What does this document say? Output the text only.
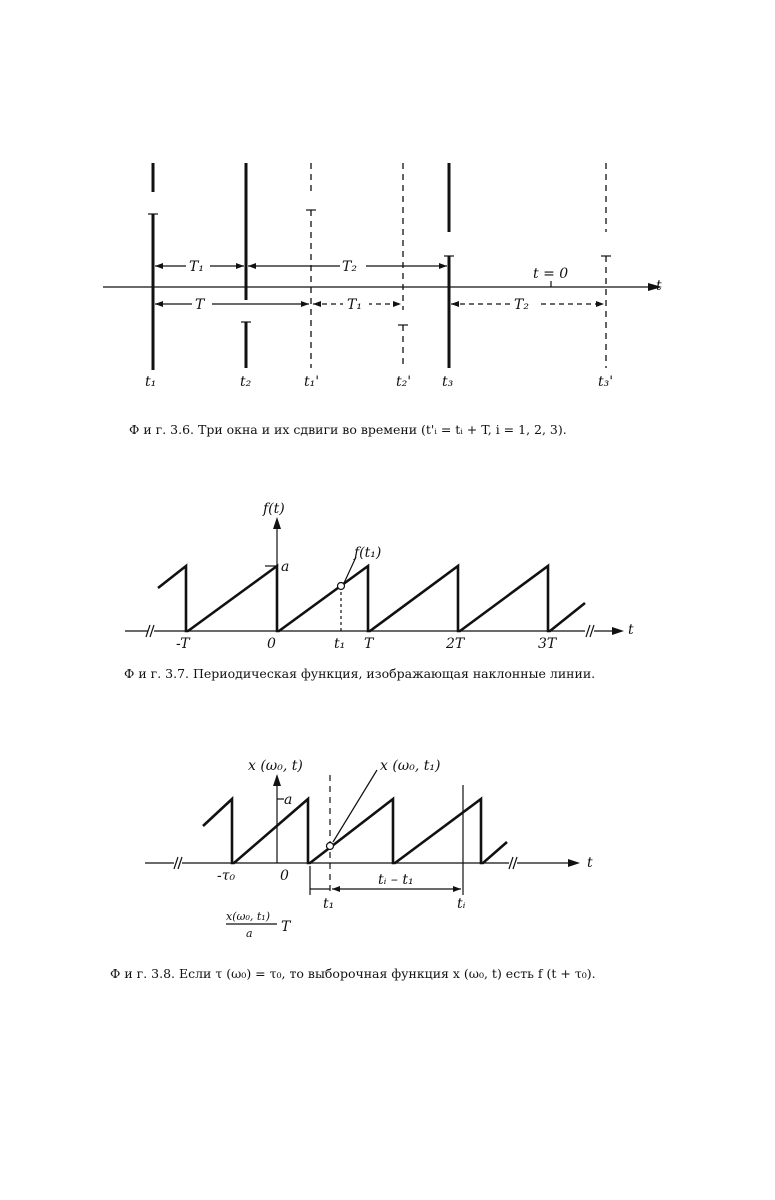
t
T₁	T₂
T	T₁	T₂
t = 0
t₁	t₂	t₁'	t₂' t₃	t₃'
Ф и г. 3.6. Три окна и их сдвиги во времени (t'ᵢ = tᵢ + T, i = 1, 2, 3).
t
f(t)
a
f(t₁)
-T	0	t₁ T	2T	3T
Ф и г. 3.7. Периодическая функция, изображающая наклонные линии.
t
x (ω₀, t)
a
x (ω₀, t₁)
tᵢ – t₁
-τ₀	0
t₁	tᵢ
x(ω₀, t₁)
a T
Ф и г. 3.8. Если τ (ω₀) = τ₀, то выборочная функция x (ω₀, t) есть f (t + τ₀).
